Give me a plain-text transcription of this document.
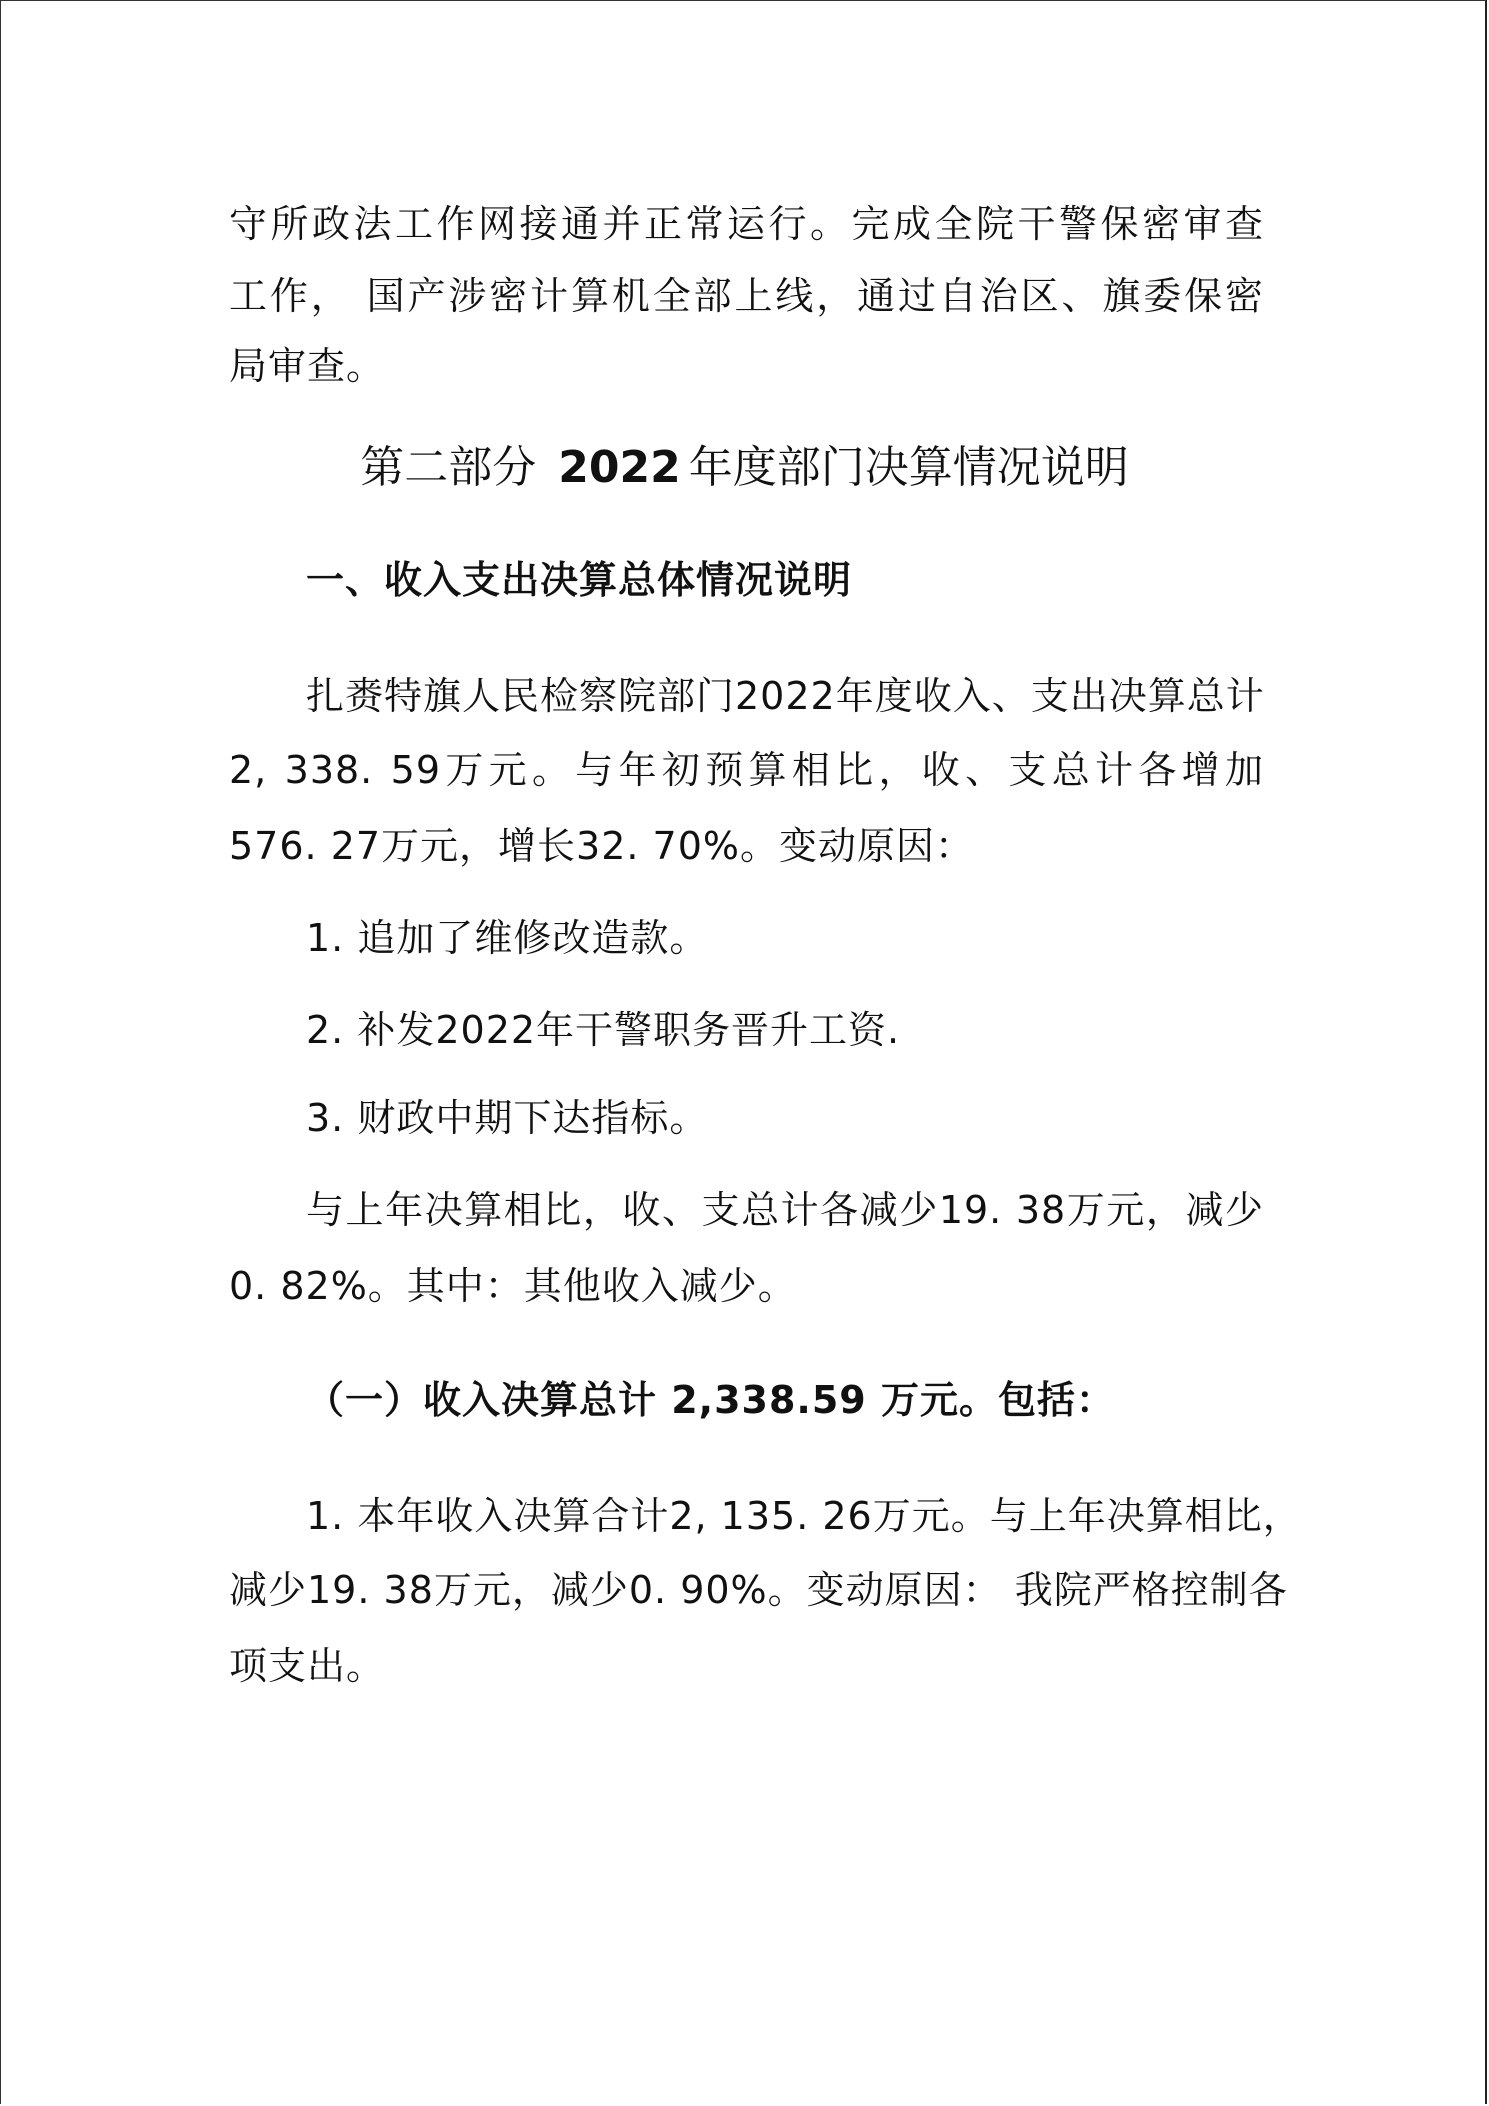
守所政法工作网接通并正常运行。完成全院干警保密审查
工作， 国产涉密计算机全部上线，通过自治区、旗委保密
局审查。
第二部分 2022 年度部门决算情况说明
一、收入支出决算总体情况说明
扎赉特旗人民检察院部门2022年度收入、支出决算总计
2, 338. 59万元。与年初预算相比，收、支总计各增加
576. 27万元，增长32. 70%。变动原因：
1. 追加了维修改造款。
2. 补发2022年干警职务晋升工资.
3. 财政中期下达指标。
与上年决算相比，收、支总计各减少19. 38万元，减少
0. 82%。其中：其他收入减少。
（一）收入决算总计 2,338.59 万元。包括：
1. 本年收入决算合计2, 135. 26万元。与上年决算相比，
减少19. 38万元，减少0. 90%。变动原因： 我院严格控制各
项支出。
